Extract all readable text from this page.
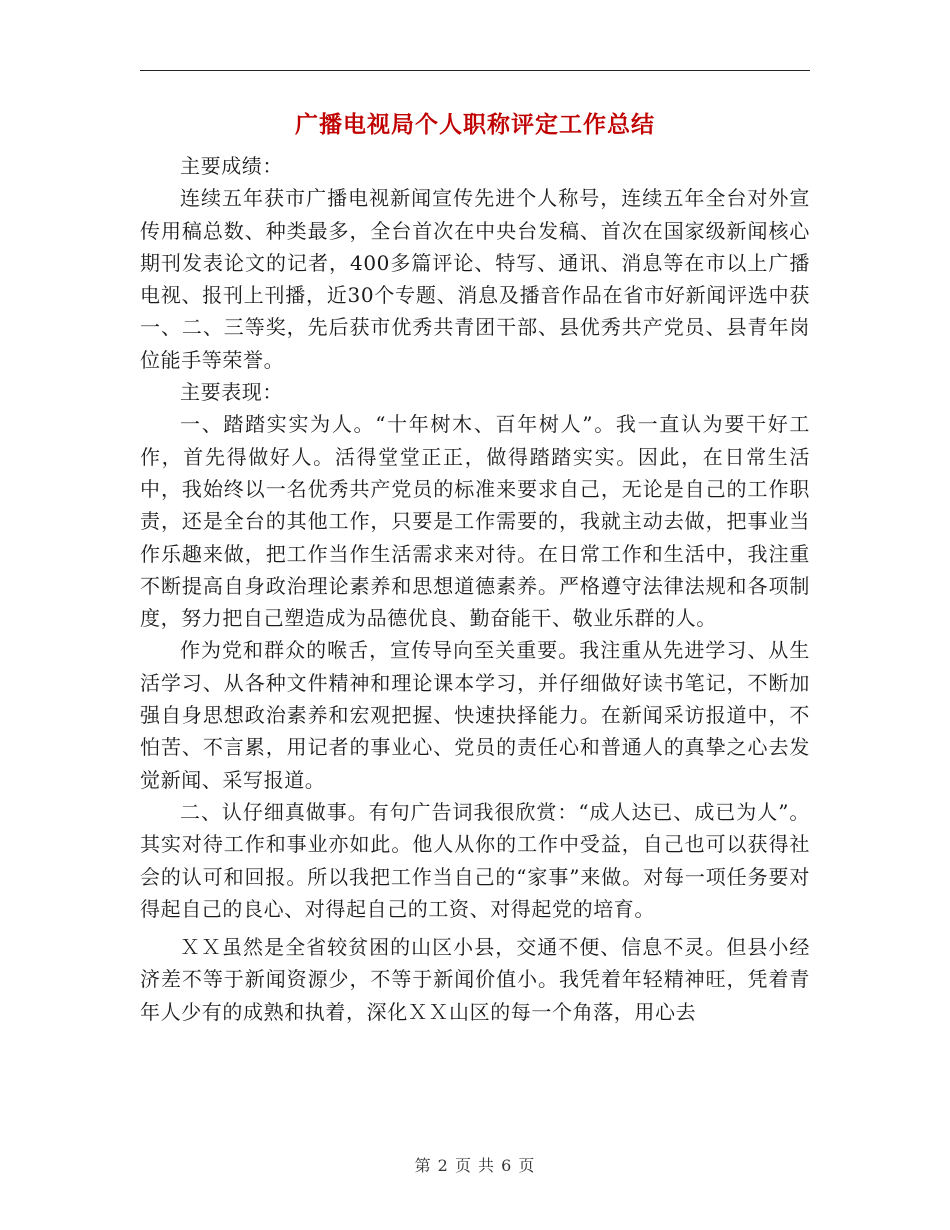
广播电视局个人职称评定工作总结

主要成绩：

连续五年获市广播电视新闻宣传先进个人称号，连续五年全台对外宣传用稿总数、种类最多，全台首次在中央台发稿、首次在国家级新闻核心期刊发表论文的记者，400多篇评论、特写、通讯、消息等在市以上广播电视、报刊上刊播，近30个专题、消息及播音作品在省市好新闻评选中获一、二、三等奖，先后获市优秀共青团干部、县优秀共产党员、县青年岗位能手等荣誉。

主要表现：

一、踏踏实实为人。“十年树木、百年树人”。我一直认为要干好工作，首先得做好人。活得堂堂正正，做得踏踏实实。因此，在日常生活中，我始终以一名优秀共产党员的标准来要求自己，无论是自己的工作职责，还是全台的其他工作，只要是工作需要的，我就主动去做，把事业当作乐趣来做，把工作当作生活需求来对待。在日常工作和生活中，我注重不断提高自身政治理论素养和思想道德素养。严格遵守法律法规和各项制度，努力把自己塑造成为品德优良、勤奋能干、敬业乐群的人。

作为党和群众的喉舌，宣传导向至关重要。我注重从先进学习、从生活学习、从各种文件精神和理论课本学习，并仔细做好读书笔记，不断加强自身思想政治素养和宏观把握、快速抉择能力。在新闻采访报道中，不怕苦、不言累，用记者的事业心、党员的责任心和普通人的真挚之心去发觉新闻、采写报道。

二、认仔细真做事。有句广告词我很欣赏：“成人达已、成已为人”。其实对待工作和事业亦如此。他人从你的工作中受益，自己也可以获得社会的认可和回报。所以我把工作当自己的“家事”来做。对每一项任务要对得起自己的良心、对得起自己的工资、对得起党的培育。

ＸＸ虽然是全省较贫困的山区小县，交通不便、信息不灵。但县小经济差不等于新闻资源少，不等于新闻价值小。我凭着年轻精神旺，凭着青年人少有的成熟和执着，深化ＸＸ山区的每一个角落，用心去

第 2 页 共 6 页
